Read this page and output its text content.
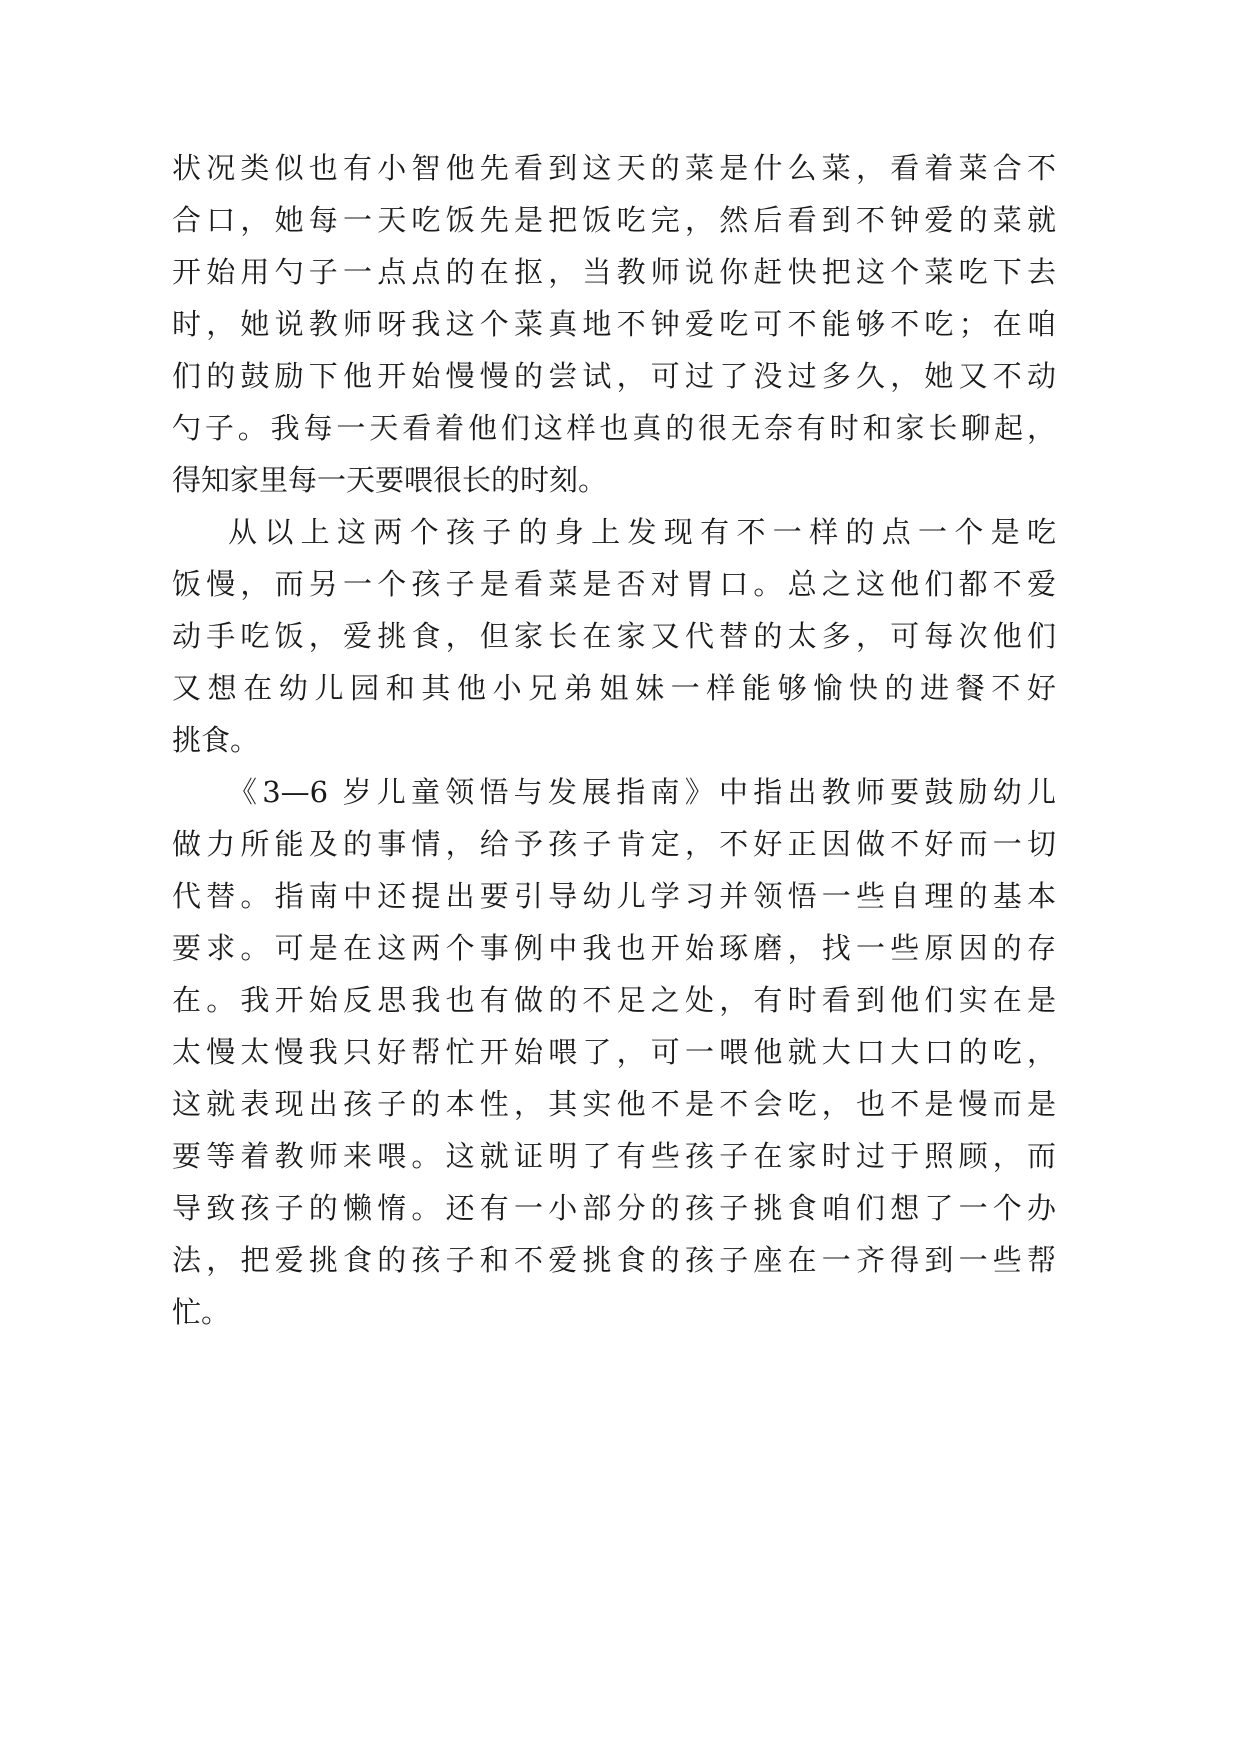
状况类似也有小智他先看到这天的菜是什么菜，看着菜合不
合口，她每一天吃饭先是把饭吃完，然后看到不钟爱的菜就
开始用勺子一点点的在抠，当教师说你赶快把这个菜吃下去
时，她说教师呀我这个菜真地不钟爱吃可不能够不吃；在咱
们的鼓励下他开始慢慢的尝试，可过了没过多久，她又不动
勺子。我每一天看着他们这样也真的很无奈有时和家长聊起，
得知家里每一天要喂很长的时刻。
从以上这两个孩子的身上发现有不一样的点一个是吃
饭慢，而另一个孩子是看菜是否对胃口。总之这他们都不爱
动手吃饭，爱挑食，但家长在家又代替的太多，可每次他们
又想在幼儿园和其他小兄弟姐妹一样能够愉快的进餐不好
挑食。
《3—6 岁儿童领悟与发展指南》中指出教师要鼓励幼儿
做力所能及的事情，给予孩子肯定，不好正因做不好而一切
代替。指南中还提出要引导幼儿学习并领悟一些自理的基本
要求。可是在这两个事例中我也开始琢磨，找一些原因的存
在。我开始反思我也有做的不足之处，有时看到他们实在是
太慢太慢我只好帮忙开始喂了，可一喂他就大口大口的吃，
这就表现出孩子的本性，其实他不是不会吃，也不是慢而是
要等着教师来喂。这就证明了有些孩子在家时过于照顾，而
导致孩子的懒惰。还有一小部分的孩子挑食咱们想了一个办
法，把爱挑食的孩子和不爱挑食的孩子座在一齐得到一些帮
忙。
